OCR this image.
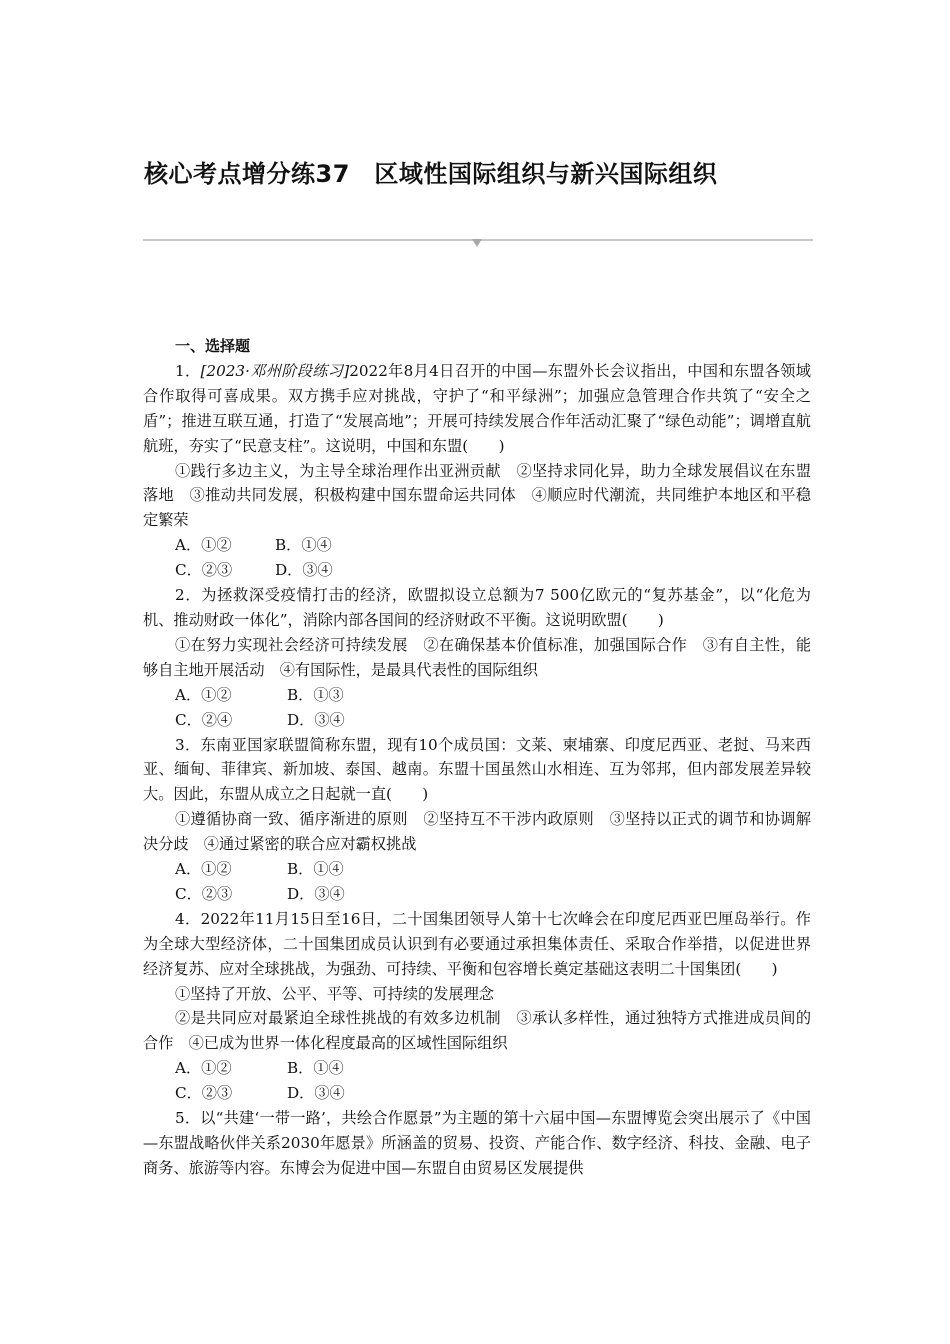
核心考点增分练37　区域性国际组织与新兴国际组织

一、选择题

1．[2023·邓州阶段练习]2022年8月4日召开的中国—东盟外长会议指出，中国和东盟各领域合作取得可喜成果。双方携手应对挑战，守护了“和平绿洲”；加强应急管理合作共筑了“安全之盾”；推进互联互通，打造了“发展高地”；开展可持续发展合作年活动汇聚了“绿色动能”；调增直航航班，夯实了“民意支柱”。这说明，中国和东盟(　　)

①践行多边主义，为主导全球治理作出亚洲贡献　②坚持求同化异，助力全球发展倡议在东盟落地　③推动共同发展，积极构建中国东盟命运共同体　④顺应时代潮流，共同维护本地区和平稳定繁荣

A．①②	B．①④

C．②③	D．③④

2．为拯救深受疫情打击的经济，欧盟拟设立总额为7 500亿欧元的“复苏基金”，以“化危为机、推动财政一体化”，消除内部各国间的经济财政不平衡。这说明欧盟(　　)

①在努力实现社会经济可持续发展　②在确保基本价值标准，加强国际合作　③有自主性，能够自主地开展活动　④有国际性，是最具代表性的国际组织

A．①②	B．①③

C．②④	D．③④

3．东南亚国家联盟简称东盟，现有10个成员国：文莱、柬埔寨、印度尼西亚、老挝、马来西亚、缅甸、菲律宾、新加坡、泰国、越南。东盟十国虽然山水相连、互为邻邦，但内部发展差异较大。因此，东盟从成立之日起就一直(　　)

①遵循协商一致、循序渐进的原则　②坚持互不干涉内政原则　③坚持以正式的调节和协调解决分歧　④通过紧密的联合应对霸权挑战

A．①②	B．①④

C．②③	D．③④

4．2022年11月15日至16日，二十国集团领导人第十七次峰会在印度尼西亚巴厘岛举行。作为全球大型经济体，二十国集团成员认识到有必要通过承担集体责任、采取合作举措，以促进世界经济复苏、应对全球挑战，为强劲、可持续、平衡和包容增长奠定基础这表明二十国集团(　　)

①坚持了开放、公平、平等、可持续的发展理念

②是共同应对最紧迫全球性挑战的有效多边机制　③承认多样性，通过独特方式推进成员间的合作　④已成为世界一体化程度最高的区域性国际组织

A．①②	B．①④

C．②③	D．③④

5．以“共建‘一带一路’，共绘合作愿景”为主题的第十六届中国—东盟博览会突出展示了《中国—东盟战略伙伴关系2030年愿景》所涵盖的贸易、投资、产能合作、数字经济、科技、金融、电子商务、旅游等内容。东博会为促进中国—东盟自由贸易区发展提供
